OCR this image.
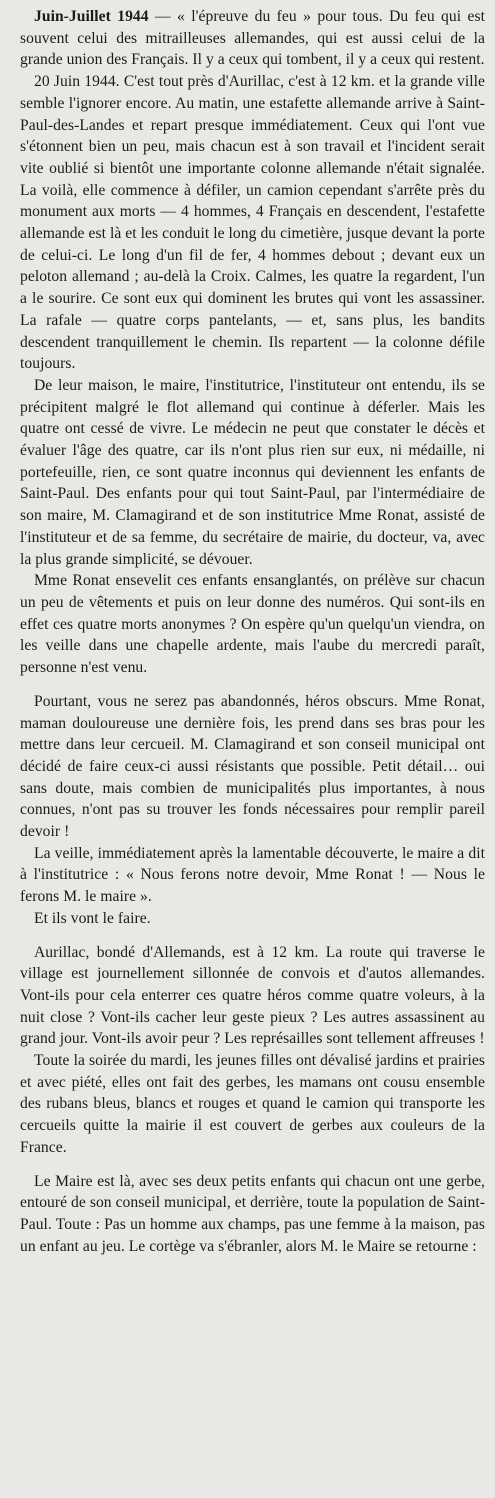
Juin-Juillet 1944 — « l'épreuve du feu » pour tous. Du feu qui est souvent celui des mitrailleuses allemandes, qui est aussi celui de la grande union des Français. Il y a ceux qui tombent, il y a ceux qui restent.

20 Juin 1944. C'est tout près d'Aurillac, c'est à 12 km. et la grande ville semble l'ignorer encore. Au matin, une estafette allemande arrive à Saint-Paul-des-Landes et repart presque immédiatement. Ceux qui l'ont vue s'étonnent bien un peu, mais chacun est à son travail et l'incident serait vite oublié si bientôt une importante colonne allemande n'était signalée. La voilà, elle commence à défiler, un camion cependant s'arrête près du monument aux morts — 4 hommes, 4 Français en descendent, l'estafette allemande est là et les conduit le long du cimetière, jusque devant la porte de celui-ci. Le long d'un fil de fer, 4 hommes debout ; devant eux un peloton allemand ; au-delà la Croix. Calmes, les quatre la regardent, l'un a le sourire. Ce sont eux qui dominent les brutes qui vont les assassiner. La rafale — quatre corps pantelants, — et, sans plus, les bandits descendent tranquillement le chemin. Ils repartent — la colonne défile toujours.

De leur maison, le maire, l'institutrice, l'instituteur ont entendu, ils se précipitent malgré le flot allemand qui continue à déferler. Mais les quatre ont cessé de vivre. Le médecin ne peut que constater le décès et évaluer l'âge des quatre, car ils n'ont plus rien sur eux, ni médaille, ni portefeuille, rien, ce sont quatre inconnus qui deviennent les enfants de Saint-Paul. Des enfants pour qui tout Saint-Paul, par l'intermédiaire de son maire, M. Clamagirand et de son institutrice Mme Ronat, assisté de l'instituteur et de sa femme, du secrétaire de mairie, du docteur, va, avec la plus grande simplicité, se dévouer.

Mme Ronat ensevelit ces enfants ensanglantés, on prélève sur chacun un peu de vêtements et puis on leur donne des numéros. Qui sont-ils en effet ces quatre morts anonymes ? On espère qu'un quelqu'un viendra, on les veille dans une chapelle ardente, mais l'aube du mercredi paraît, personne n'est venu.

Pourtant, vous ne serez pas abandonnés, héros obscurs. Mme Ronat, maman douloureuse une dernière fois, les prend dans ses bras pour les mettre dans leur cercueil. M. Clamagirand et son conseil municipal ont décidé de faire ceux-ci aussi résistants que possible. Petit détail… oui sans doute, mais combien de municipalités plus importantes, à nous connues, n'ont pas su trouver les fonds nécessaires pour remplir pareil devoir !

La veille, immédiatement après la lamentable découverte, le maire a dit à l'institutrice : « Nous ferons notre devoir, Mme Ronat ! — Nous le ferons M. le maire ».

Et ils vont le faire.

Aurillac, bondé d'Allemands, est à 12 km. La route qui traverse le village est journellement sillonnée de convois et d'autos allemandes. Vont-ils pour cela enterrer ces quatre héros comme quatre voleurs, à la nuit close ? Vont-ils cacher leur geste pieux ? Les autres assassinent au grand jour. Vont-ils avoir peur ? Les représailles sont tellement affreuses !

Toute la soirée du mardi, les jeunes filles ont dévalisé jardins et prairies et avec piété, elles ont fait des gerbes, les mamans ont cousu ensemble des rubans bleus, blancs et rouges et quand le camion qui transporte les cercueils quitte la mairie il est couvert de gerbes aux couleurs de la France.

Le Maire est là, avec ses deux petits enfants qui chacun ont une gerbe, entouré de son conseil municipal, et derrière, toute la population de Saint-Paul. Toute : Pas un homme aux champs, pas une femme à la maison, pas un enfant au jeu. Le cortège va s'ébranler, alors M. le Maire se retourne :
